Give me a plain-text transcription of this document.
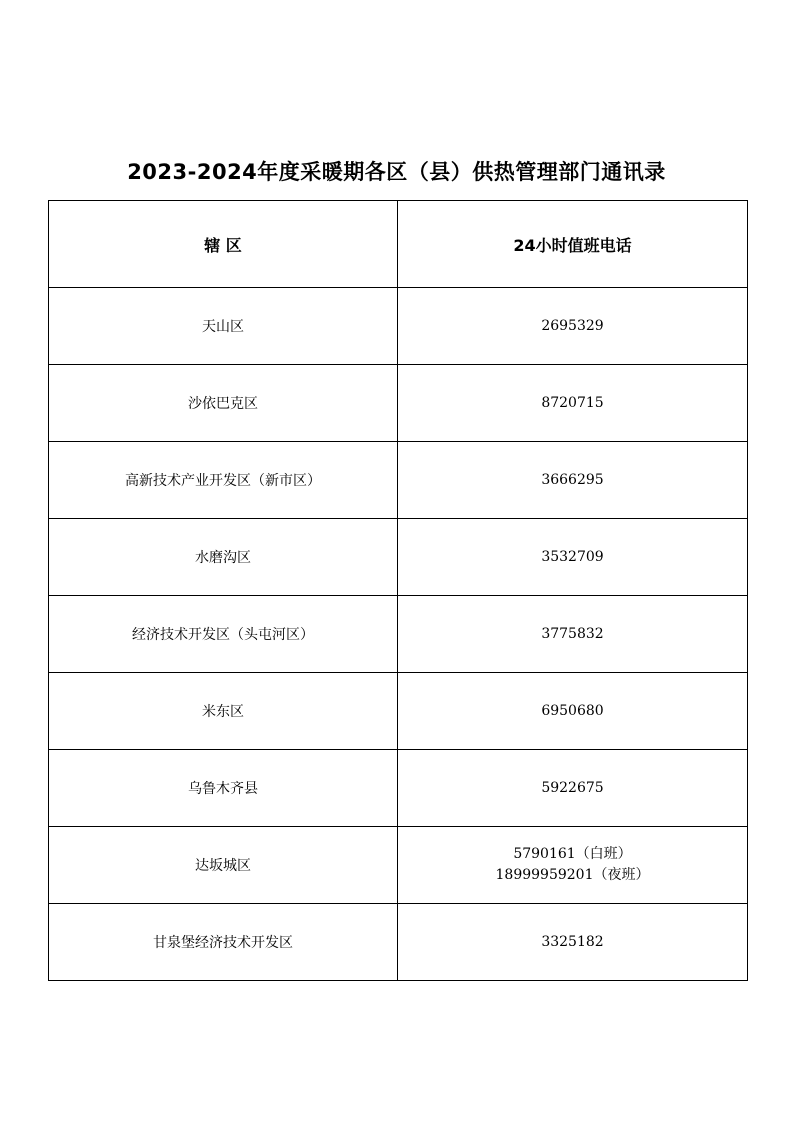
2023-2024年度采暖期各区（县）供热管理部门通讯录
辖 区	24小时值班电话
天山区	2695329

沙依巴克区	8720715

高新技术产业开发区（新市区）	3666295

水磨沟区	3532709

经济技术开发区（头屯河区）	3775832

米东区	6950680

乌鲁木齐县	5922675

达坂城区	5790161（白班）
18999959201（夜班）

甘泉堡经济技术开发区	3325182
